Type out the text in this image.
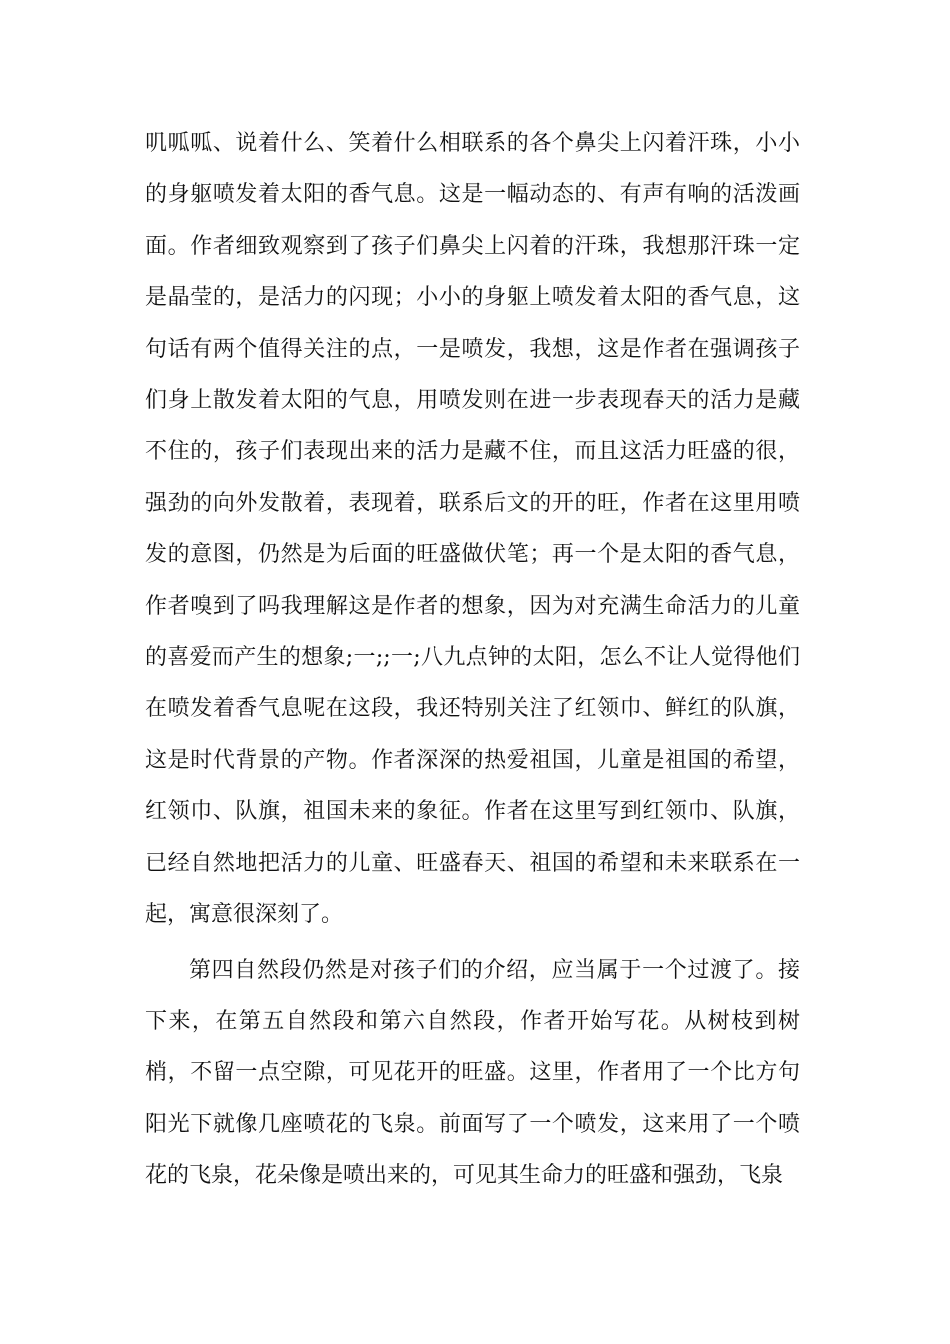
叽呱呱、说着什么、笑着什么相联系的各个鼻尖上闪着汗珠，小小的身躯喷发着太阳的香气息。这是一幅动态的、有声有响的活泼画面。作者细致观察到了孩子们鼻尖上闪着的汗珠，我想那汗珠一定是晶莹的，是活力的闪现；小小的身躯上喷发着太阳的香气息，这句话有两个值得关注的点，一是喷发，我想，这是作者在强调孩子们身上散发着太阳的气息，用喷发则在进一步表现春天的活力是藏不住的，孩子们表现出来的活力是藏不住，而且这活力旺盛的很，强劲的向外发散着，表现着，联系后文的开的旺，作者在这里用喷发的意图，仍然是为后面的旺盛做伏笔；再一个是太阳的香气息，作者嗅到了吗我理解这是作者的想象，因为对充满生命活力的儿童的喜爱而产生的想象;一;;一;八九点钟的太阳，怎么不让人觉得他们在喷发着香气息呢在这段，我还特别关注了红领巾、鲜红的队旗，这是时代背景的产物。作者深深的热爱祖国，儿童是祖国的希望，红领巾、队旗，祖国未来的象征。作者在这里写到红领巾、队旗，已经自然地把活力的儿童、旺盛春天、祖国的希望和未来联系在一起，寓意很深刻了。

第四自然段仍然是对孩子们的介绍，应当属于一个过渡了。接下来，在第五自然段和第六自然段，作者开始写花。从树枝到树梢，不留一点空隙，可见花开的旺盛。这里，作者用了一个比方句阳光下就像几座喷花的飞泉。前面写了一个喷发，这来用了一个喷花的飞泉，花朵像是喷出来的，可见其生命力的旺盛和强劲，飞泉
